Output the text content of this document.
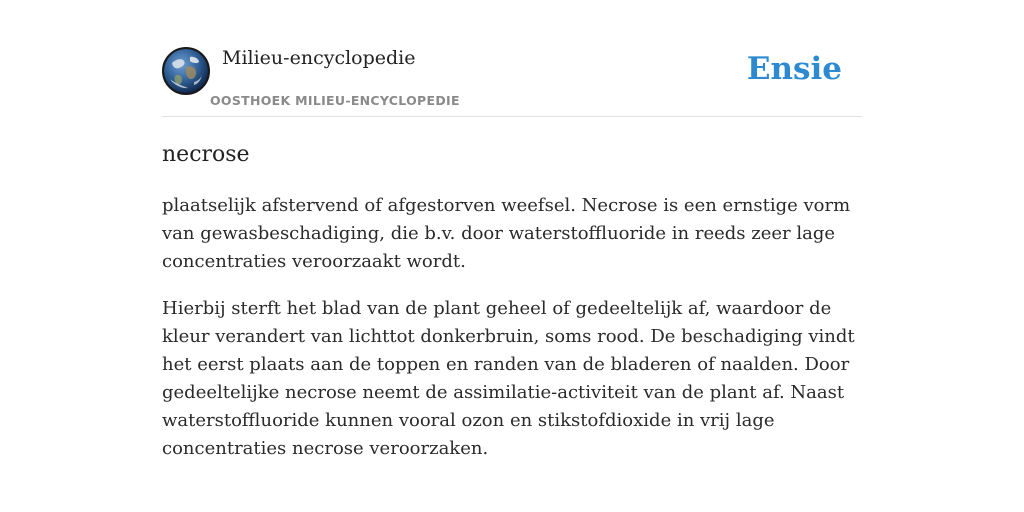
Milieu-encyclopedie
OOSTHOEK MILIEU-ENCYCLOPEDIE
Ensie
necrose

plaatselijk afstervend of afgestorven weefsel. Necrose is een ernstige vorm van gewasbeschadiging, die b.v. door waterstoffluoride in reeds zeer lage concentraties veroorzaakt wordt.

Hierbij sterft het blad van de plant geheel of gedeeltelijk af, waardoor de kleur verandert van lichttot donkerbruin, soms rood. De beschadiging vindt het eerst plaats aan de toppen en randen van de bladeren of naalden. Door gedeeltelijke necrose neemt de assimilatie-activiteit van de plant af. Naast waterstoffluoride kunnen vooral ozon en stikstofdioxide in vrij lage concentraties necrose veroorzaken.
